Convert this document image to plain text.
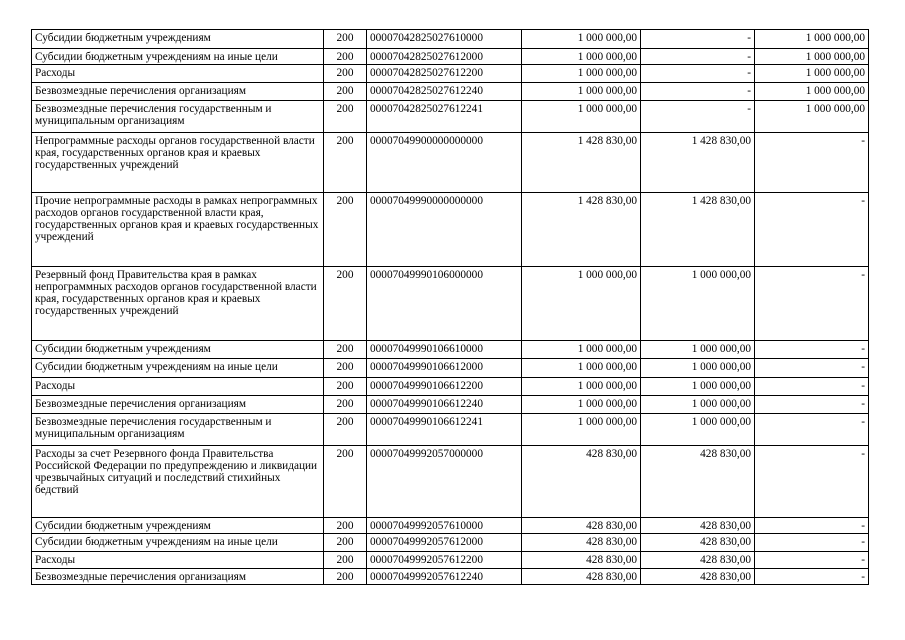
Субсидии бюджетным учреждениям	200	00007042825027610000	1 000 000,00	-	1 000 000,00
Субсидии бюджетным учреждениям на иные цели	200	00007042825027612000	1 000 000,00	-	1 000 000,00
Расходы	200	00007042825027612200	1 000 000,00	-	1 000 000,00
Безвозмездные перечисления организациям	200	00007042825027612240	1 000 000,00	-	1 000 000,00
Безвозмездные перечисления государственным и муниципальным организациям	200	00007042825027612241	1 000 000,00	-	1 000 000,00
Непрограммные расходы органов государственной власти края, государственных органов края и краевых государственных учреждений	200	00007049900000000000	1 428 830,00	1 428 830,00	-
Прочие непрограммные расходы в рамках непрограммных расходов органов государственной власти края, государственных органов края и краевых государственных учреждений	200	00007049990000000000	1 428 830,00	1 428 830,00	-
Резервный фонд Правительства края в рамках непрограммных расходов органов государственной власти края, государственных органов края и краевых государственных учреждений	200	00007049990106000000	1 000 000,00	1 000 000,00	-
Субсидии бюджетным учреждениям	200	00007049990106610000	1 000 000,00	1 000 000,00	-
Субсидии бюджетным учреждениям на иные цели	200	00007049990106612000	1 000 000,00	1 000 000,00	-
Расходы	200	00007049990106612200	1 000 000,00	1 000 000,00	-
Безвозмездные перечисления организациям	200	00007049990106612240	1 000 000,00	1 000 000,00	-
Безвозмездные перечисления государственным и муниципальным организациям	200	00007049990106612241	1 000 000,00	1 000 000,00	-
Расходы за счет Резервного фонда Правительства Российской Федерации по предупреждению и ликвидации чрезвычайных ситуаций и последствий стихийных бедствий	200	00007049992057000000	428 830,00	428 830,00	-
Субсидии бюджетным учреждениям	200	00007049992057610000	428 830,00	428 830,00	-
Субсидии бюджетным учреждениям на иные цели	200	00007049992057612000	428 830,00	428 830,00	-
Расходы	200	00007049992057612200	428 830,00	428 830,00	-
Безвозмездные перечисления организациям	200	00007049992057612240	428 830,00	428 830,00	-
